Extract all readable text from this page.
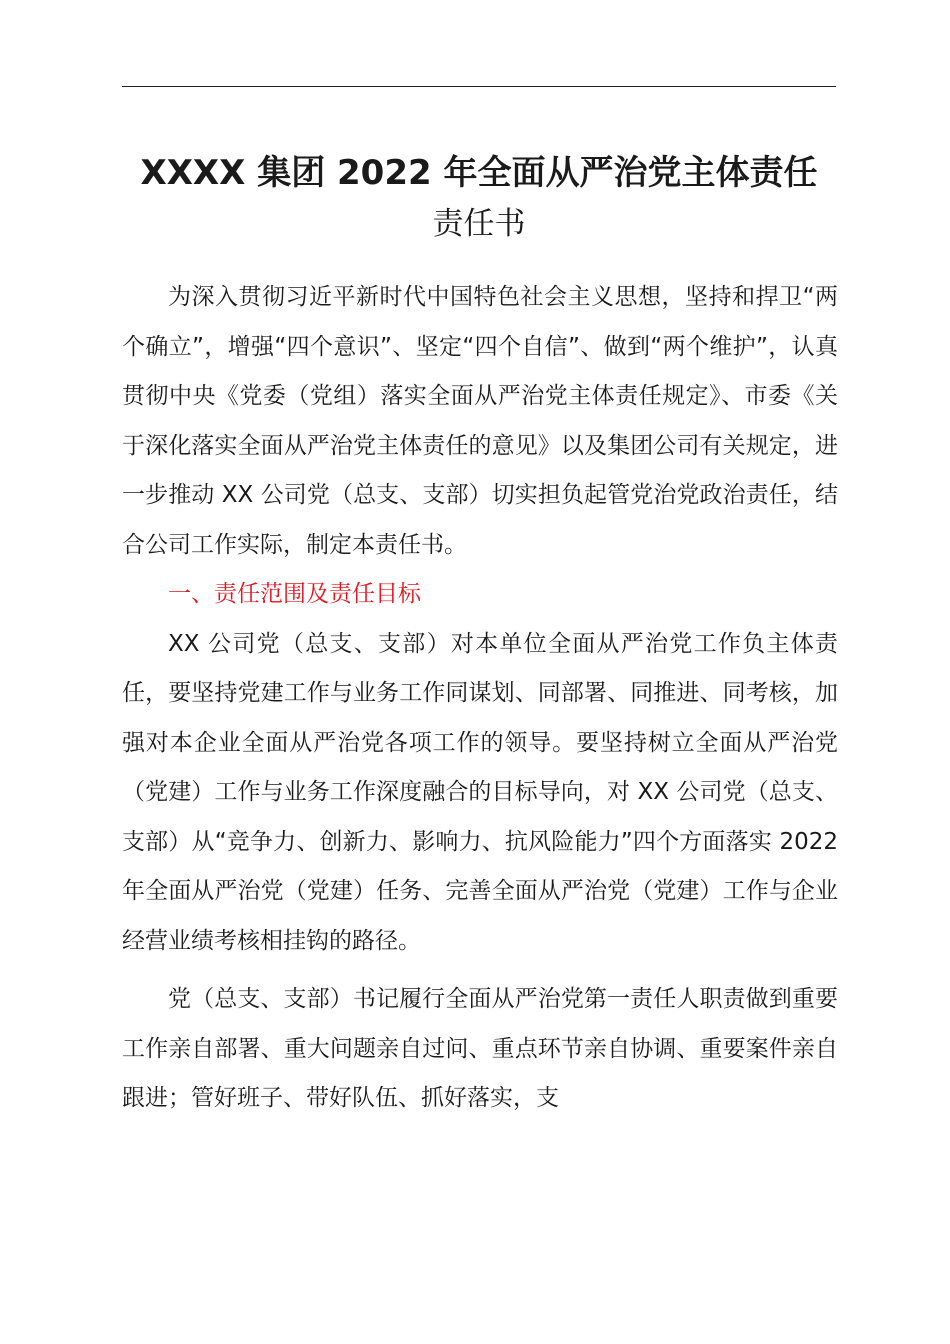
XXXX 集团 2022 年全面从严治党主体责任
责任书

为深入贯彻习近平新时代中国特色社会主义思想，坚持和捍卫“两个确立”，增强“四个意识”、坚定“四个自信”、做到“两个维护”，认真贯彻中央《党委（党组）落实全面从严治党主体责任规定》、市委《关于深化落实全面从严治党主体责任的意见》以及集团公司有关规定，进一步推动 XX 公司党（总支、支部）切实担负起管党治党政治责任，结合公司工作实际，制定本责任书。

一、责任范围及责任目标

XX 公司党（总支、支部）对本单位全面从严治党工作负主体责任，要坚持党建工作与业务工作同谋划、同部署、同推进、同考核，加强对本企业全面从严治党各项工作的领导。要坚持树立全面从严治党（党建）工作与业务工作深度融合的目标导向，对 XX 公司党（总支、支部）从“竞争力、创新力、影响力、抗风险能力”四个方面落实 2022 年全面从严治党（党建）任务、完善全面从严治党（党建）工作与企业经营业绩考核相挂钩的路径。

党（总支、支部）书记履行全面从严治党第一责任人职责做到重要工作亲自部署、重大问题亲自过问、重点环节亲自协调、重要案件亲自跟进；管好班子、带好队伍、抓好落实，支
